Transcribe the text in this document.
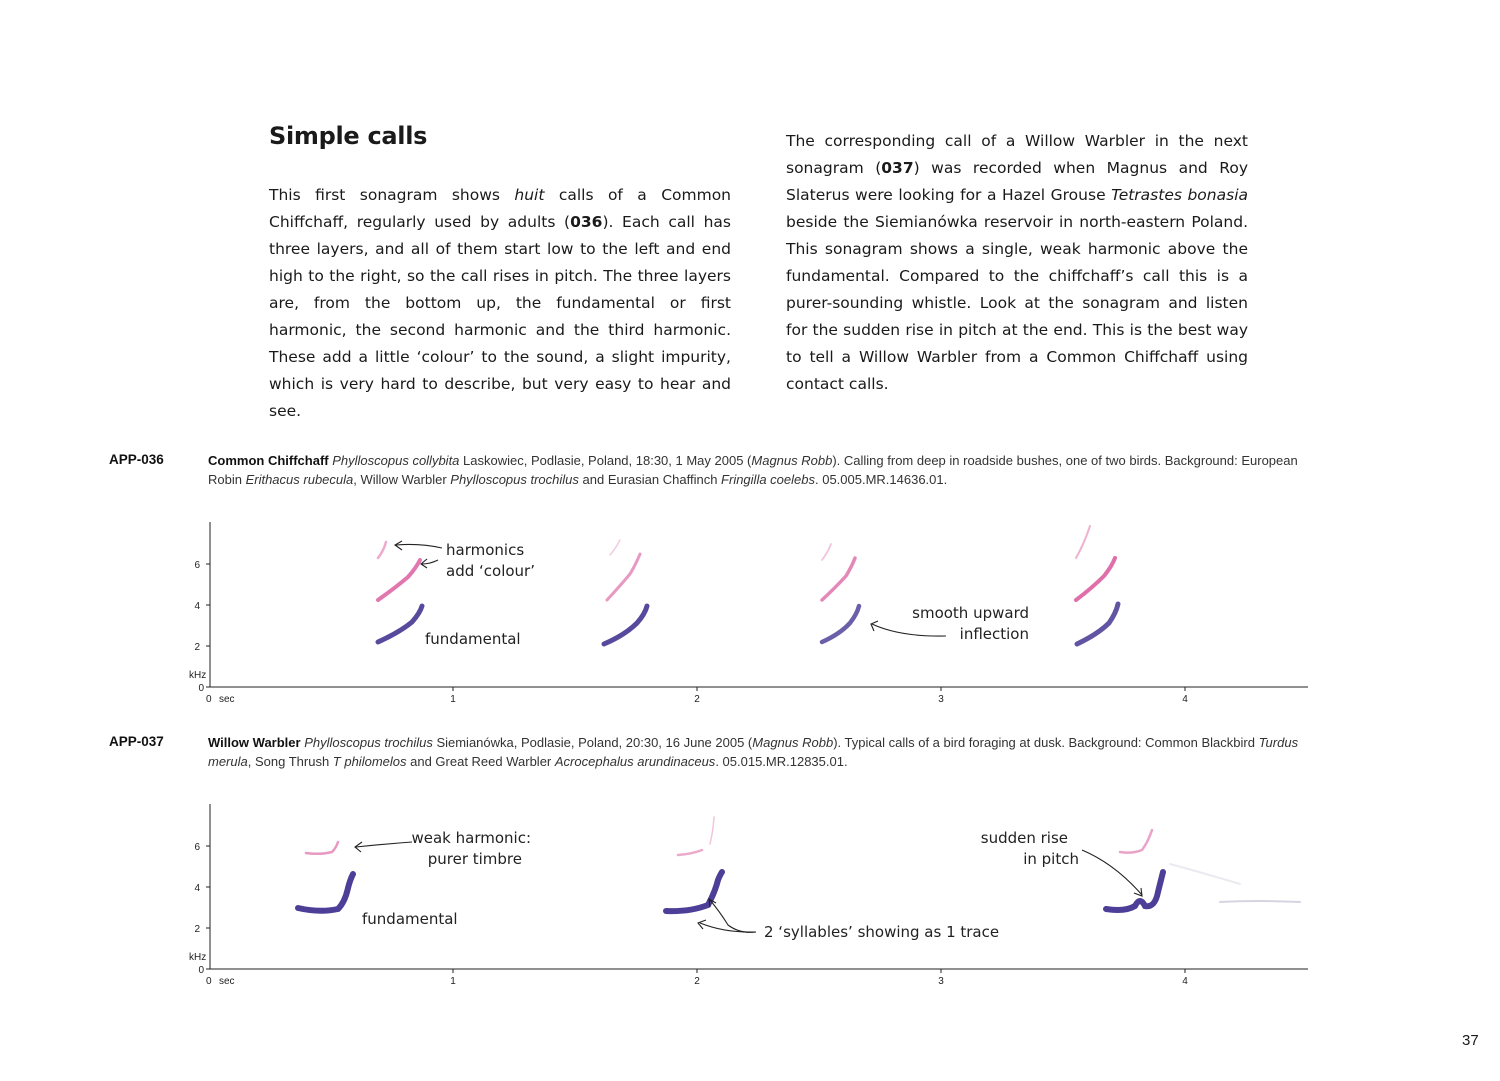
Simple calls

This first sonagram shows huit calls of a Common Chiffchaff, regularly used by adults (036). Each call has three layers, and all of them start low to the left and end high to the right, so the call rises in pitch. The three layers are, from the bottom up, the fundamental or first harmonic, the second harmonic and the third harmonic. These add a little ‘colour’ to the sound, a slight impurity, which is very hard to describe, but very easy to hear and see.

The corresponding call of a Willow Warbler in the next sonagram (037) was recorded when Magnus and Roy Slaterus were looking for a Hazel Grouse Tetrastes bonasia beside the Siemianówka reservoir in north-eastern Poland. This sonagram shows a single, weak harmonic above the fundamental. Compared to the chiffchaff’s call this is a purer-sounding whistle. Look at the sonagram and listen for the sudden rise in pitch at the end. This is the best way to tell a Willow Warbler from a Common Chiffchaff using contact calls.

APP-036	Common Chiffchaff Phylloscopus collybita Laskowiec, Podlasie, Poland, 18:30, 1 May 2005 (Magnus Robb). Calling from deep in roadside bushes, one of two birds. Background: European Robin Erithacus rubecula, Willow Warbler Phylloscopus trochilus and Eurasian Chaffinch Fringilla coelebs. 05.005.MR.14636.01.
6
4
2
0
kHz
0 sec	1	2	3	4
harmonics
add ‘colour’
fundamental
smooth upward
inflection
APP-037	Willow Warbler Phylloscopus trochilus Siemianówka, Podlasie, Poland, 20:30, 16 June 2005 (Magnus Robb). Typical calls of a bird foraging at dusk. Background: Common Blackbird Turdus merula, Song Thrush T philomelos and Great Reed Warbler Acrocephalus arundinaceus. 05.015.MR.12835.01.
6
4
2
0
kHz
0 sec	1	2	3	4
weak harmonic:
purer timbre
fundamental
2 ‘syllables’ showing as 1 trace
sudden rise
in pitch
37
